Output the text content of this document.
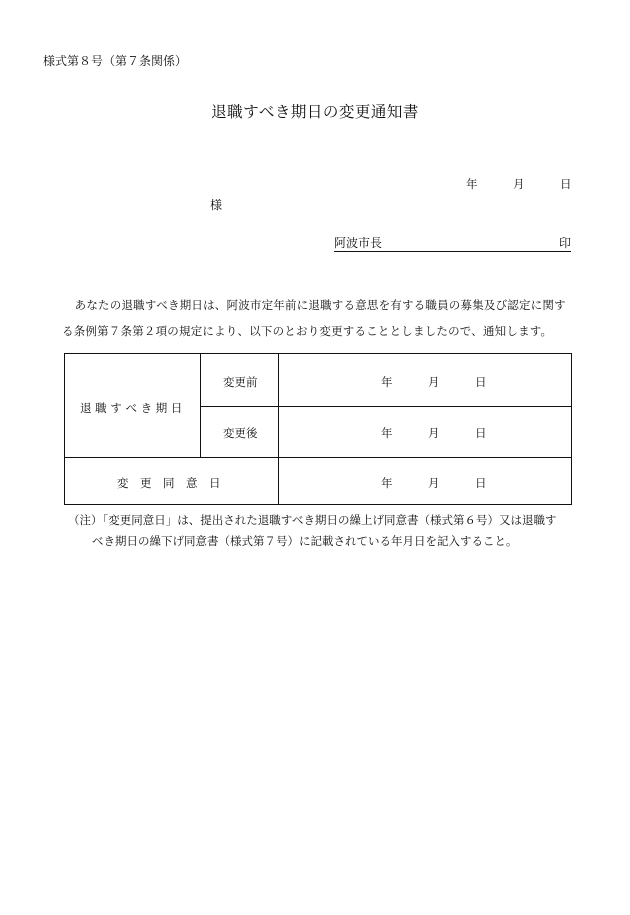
様式第８号（第７条関係）
退職すべき期日の変更通知書
年	月	日
様
阿波市長	印
あなたの退職すべき期日は、阿波市定年前に退職する意思を有する職員の募集及び認定に関する条例第７条第２項の規定により、以下のとおり変更することとしましたので、通知します。
退 職 す べ き 期 日
変更前	年	月	日
変更後	年	月	日
変　更　同　意　日	年	月	日
（注）「変更同意日」は、提出された退職すべき期日の繰上げ同意書（様式第６号）又は退職す
べき期日の繰下げ同意書（様式第７号）に記載されている年月日を記入すること。
